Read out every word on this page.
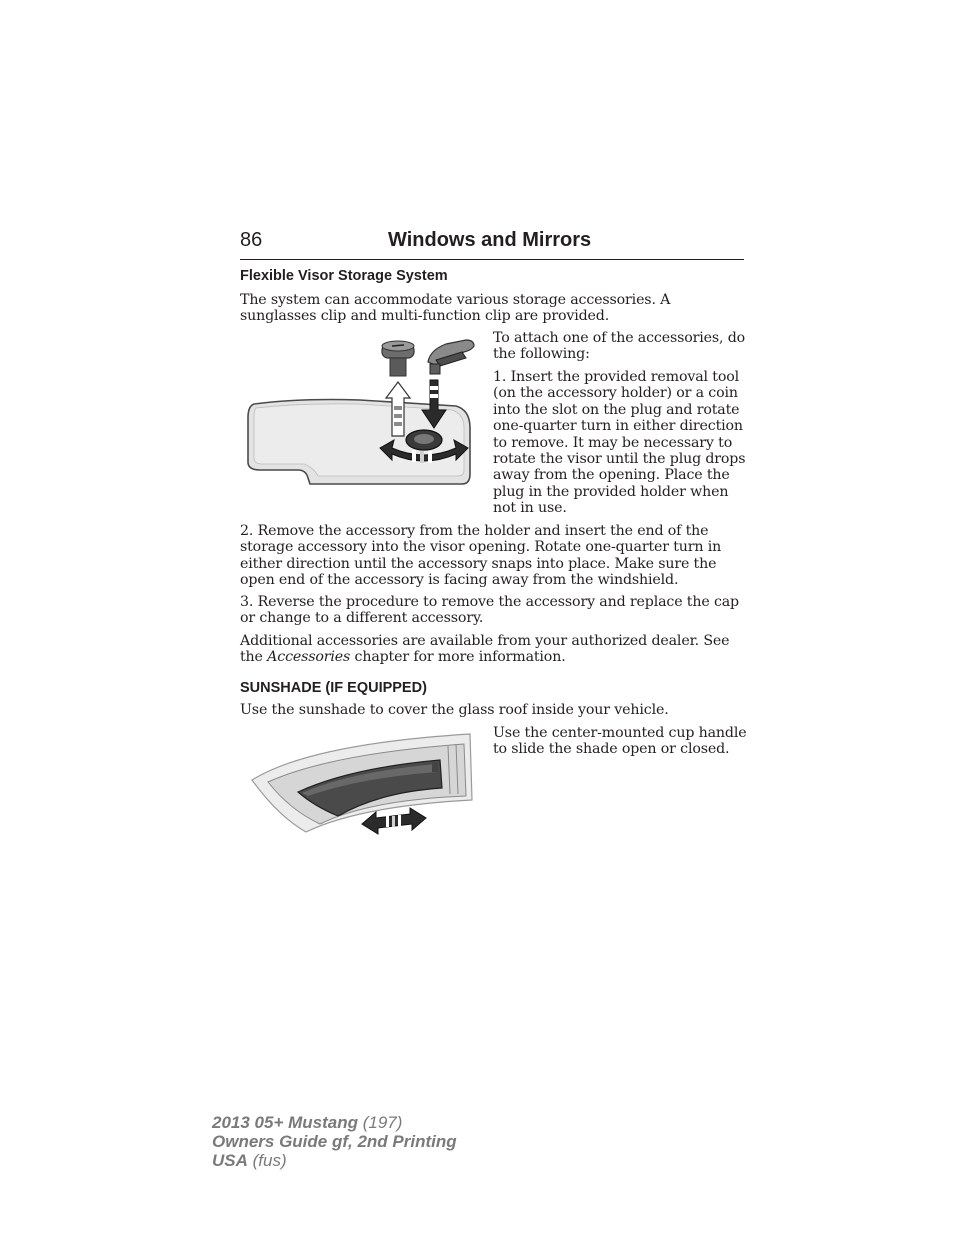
86	Windows and Mirrors
Flexible Visor Storage System

The system can accommodate various storage accessories. A sunglasses clip and multi-function clip are provided.

To attach one of the accessories, do the following:

1. Insert the provided removal tool (on the accessory holder) or a coin into the slot on the plug and rotate one-quarter turn in either direction to remove. It may be necessary to rotate the visor until the plug drops away from the opening. Place the plug in the provided holder when not in use.

2. Remove the accessory from the holder and insert the end of the storage accessory into the visor opening. Rotate one-quarter turn in either direction until the accessory snaps into place. Make sure the open end of the accessory is facing away from the windshield.

3. Reverse the procedure to remove the accessory and replace the cap or change to a different accessory.

Additional accessories are available from your authorized dealer. See the Accessories chapter for more information.

SUNSHADE (IF EQUIPPED)

Use the sunshade to cover the glass roof inside your vehicle.

Use the center-mounted cup handle to slide the shade open or closed.

2013 05+ Mustang (197)
Owners Guide gf, 2nd Printing
USA (fus)
